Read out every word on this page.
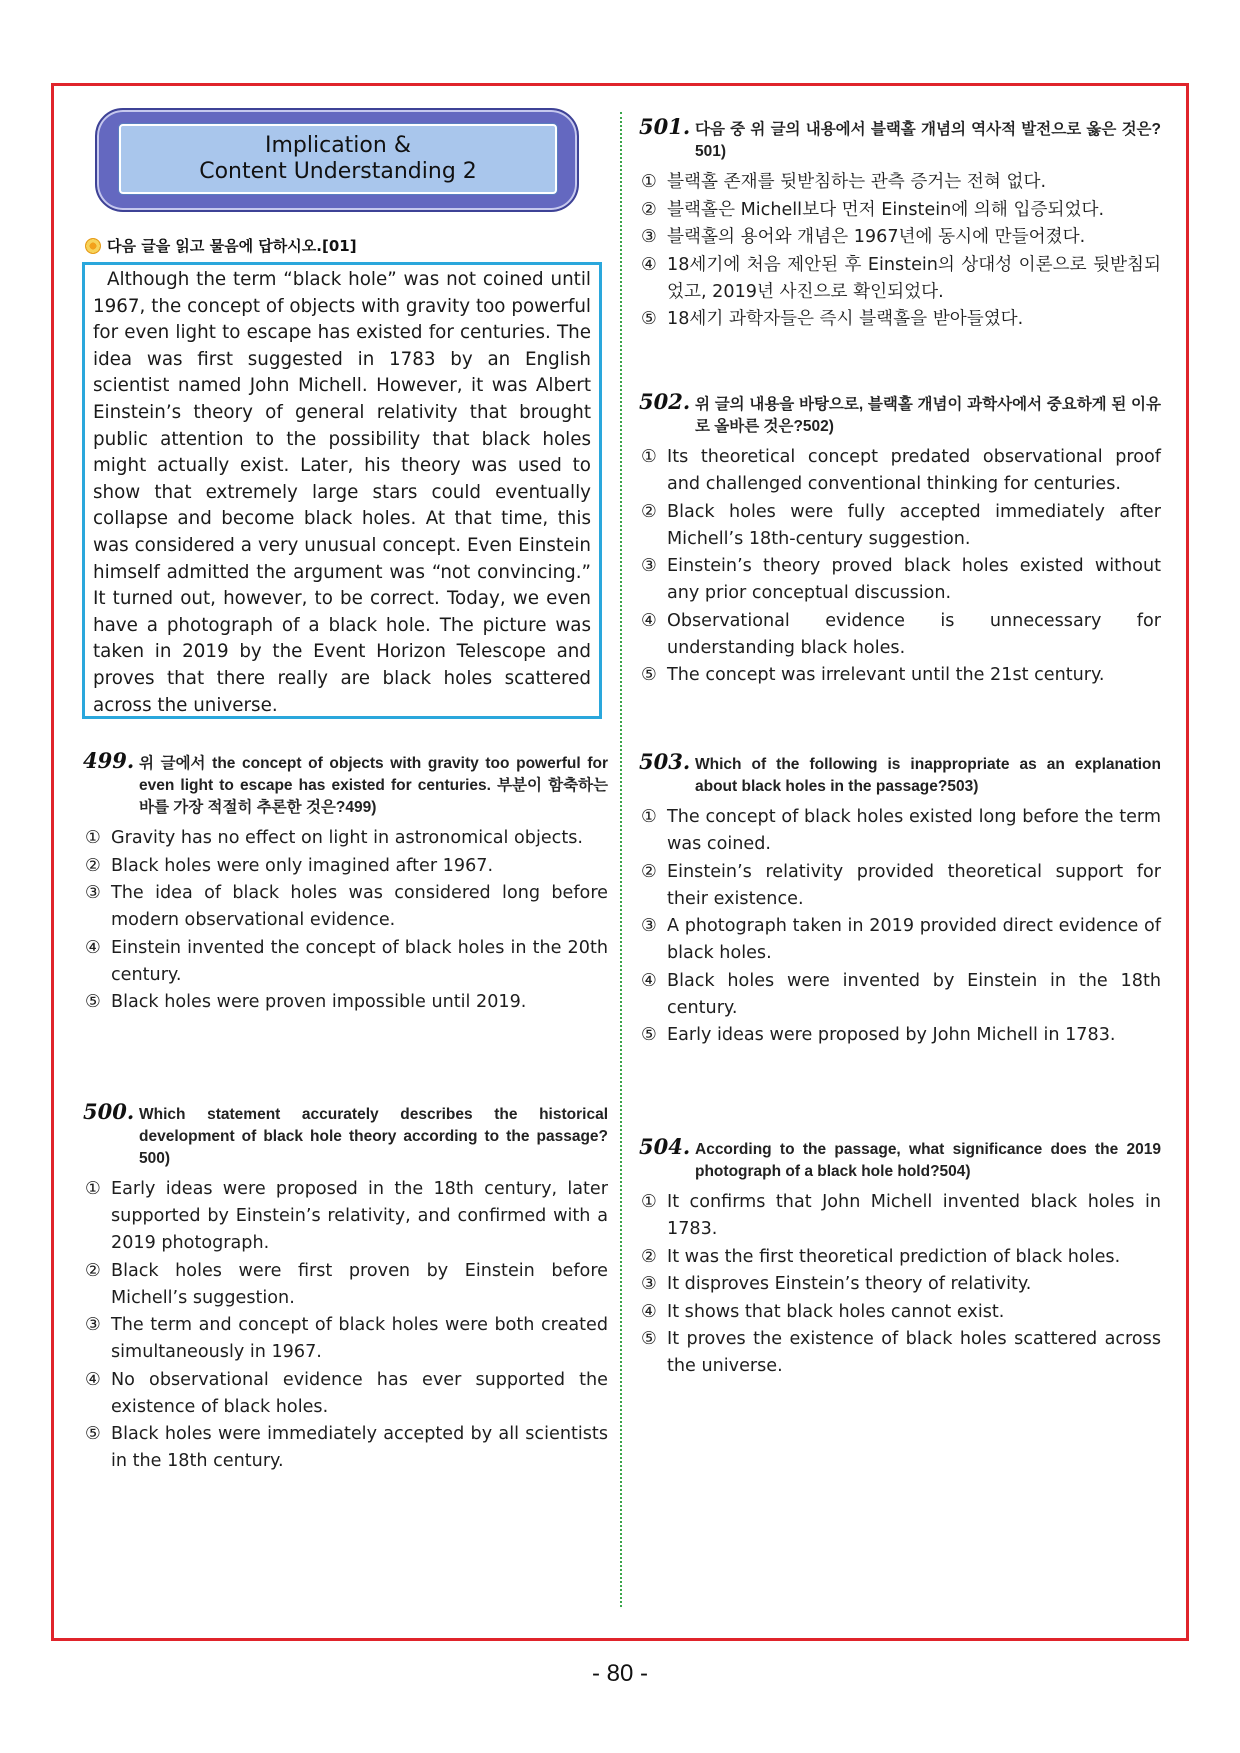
Implication &
Content Understanding 2
다음 글을 읽고 물음에 답하시오.[01]

Although the term “black hole” was not coined until 1967, the concept of objects with gravity too powerful for even light to escape has existed for centuries. The idea was first suggested in 1783 by an English scientist named John Michell. However, it was Albert Einstein’s theory of general relativity that brought public attention to the possibility that black holes might actually exist. Later, his theory was used to show that extremely large stars could eventually collapse and become black holes. At that time, this was considered a very unusual concept. Even Einstein himself admitted the argument was “not convincing.” It turned out, however, to be correct. Today, we even have a photograph of a black hole. The picture was taken in 2019 by the Event Horizon Telescope and proves that there really are black holes scattered across the universe.

499. 위 글에서 the concept of objects with gravity too powerful for even light to escape has existed for centuries. 부분이 함축하는 바를 가장 적절히 추론한 것은?499)
① Gravity has no effect on light in astronomical objects.
② Black holes were only imagined after 1967.
③ The idea of black holes was considered long before modern observational evidence.
④ Einstein invented the concept of black holes in the 20th century.
⑤ Black holes were proven impossible until 2019.
500. Which statement accurately describes the historical development of black hole theory according to the passage?500)
① Early ideas were proposed in the 18th century, later supported by Einstein’s relativity, and confirmed with a 2019 photograph.
② Black holes were first proven by Einstein before Michell’s suggestion.
③ The term and concept of black holes were both created simultaneously in 1967.
④ No observational evidence has ever supported the existence of black holes.
⑤ Black holes were immediately accepted by all scientists in the 18th century.
501. 다음 중 위 글의 내용에서 블랙홀 개념의 역사적 발전으로 옳은 것은?501)
① 블랙홀 존재를 뒷받침하는 관측 증거는 전혀 없다.
② 블랙홀은 Michell보다 먼저 Einstein에 의해 입증되었다.
③ 블랙홀의 용어와 개념은 1967년에 동시에 만들어졌다.
④ 18세기에 처음 제안된 후 Einstein의 상대성 이론으로 뒷받침되었고, 2019년 사진으로 확인되었다.
⑤ 18세기 과학자들은 즉시 블랙홀을 받아들였다.
502. 위 글의 내용을 바탕으로, 블랙홀 개념이 과학사에서 중요하게 된 이유로 올바른 것은?502)
① Its theoretical concept predated observational proof and challenged conventional thinking for centuries.
② Black holes were fully accepted immediately after Michell’s 18th-century suggestion.
③ Einstein’s theory proved black holes existed without any prior conceptual discussion.
④ Observational evidence is unnecessary for understanding black holes.
⑤ The concept was irrelevant until the 21st century.
503. Which of the following is inappropriate as an explanation about black holes in the passage?503)
① The concept of black holes existed long before the term was coined.
② Einstein’s relativity provided theoretical support for their existence.
③ A photograph taken in 2019 provided direct evidence of black holes.
④ Black holes were invented by Einstein in the 18th century.
⑤ Early ideas were proposed by John Michell in 1783.
504. According to the passage, what significance does the 2019 photograph of a black hole hold?504)
① It confirms that John Michell invented black holes in 1783.
② It was the first theoretical prediction of black holes.
③ It disproves Einstein’s theory of relativity.
④ It shows that black holes cannot exist.
⑤ It proves the existence of black holes scattered across the universe.
- 80 -
